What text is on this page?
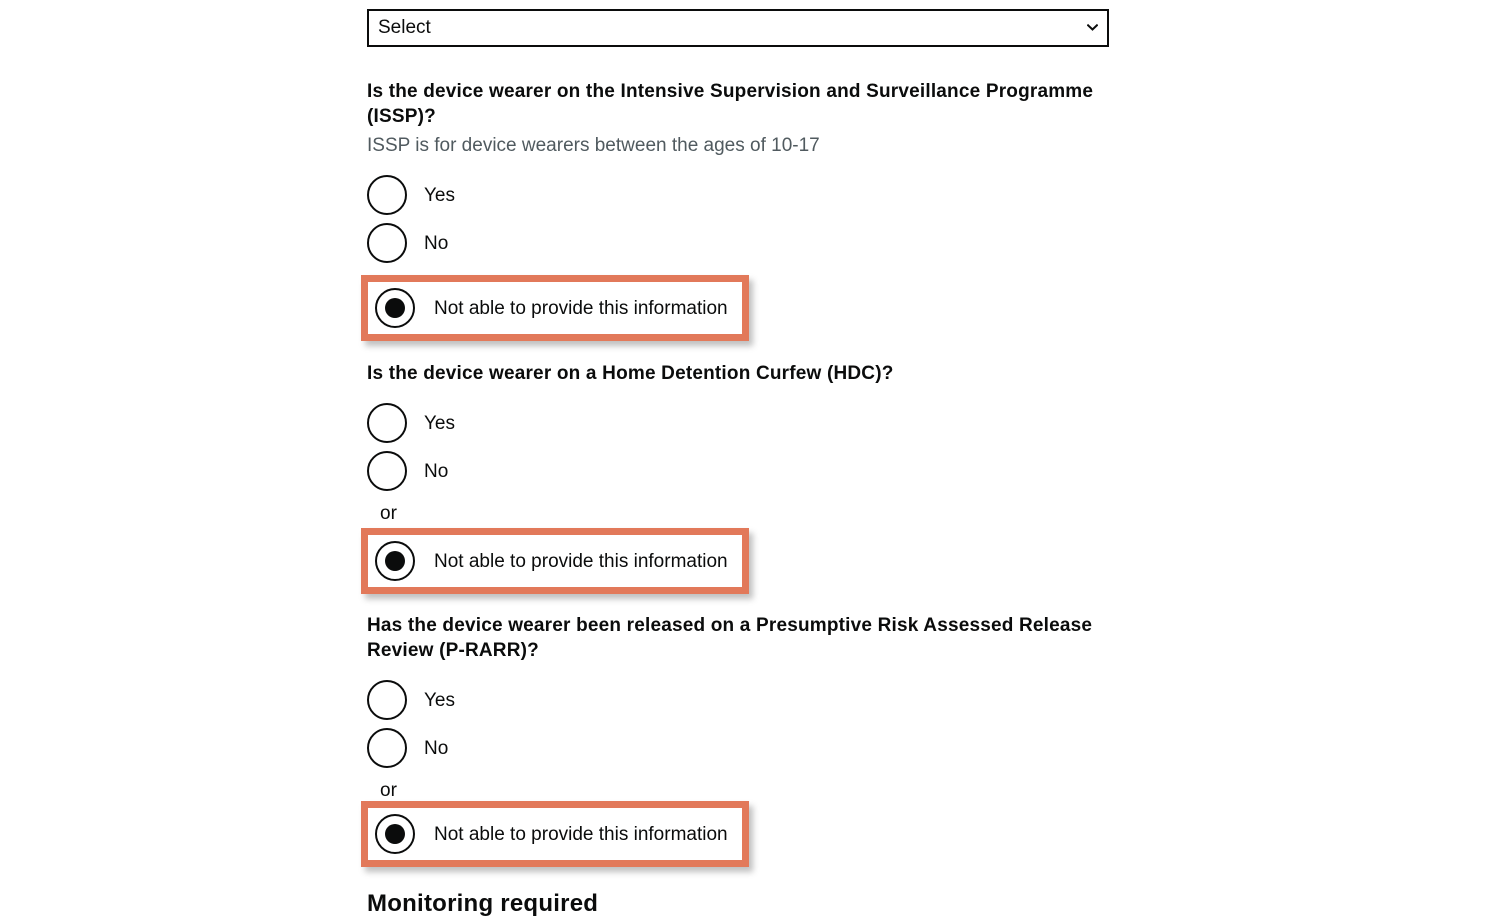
Select

Is the device wearer on the Intensive Supervision and Surveillance Programme (ISSP)?

ISSP is for device wearers between the ages of 10-17

Yes
No
Not able to provide this information

Is the device wearer on a Home Detention Curfew (HDC)?

Yes
No
or
Not able to provide this information

Has the device wearer been released on a Presumptive Risk Assessed Release Review (P-RARR)?

Yes
No
or
Not able to provide this information
Monitoring required
